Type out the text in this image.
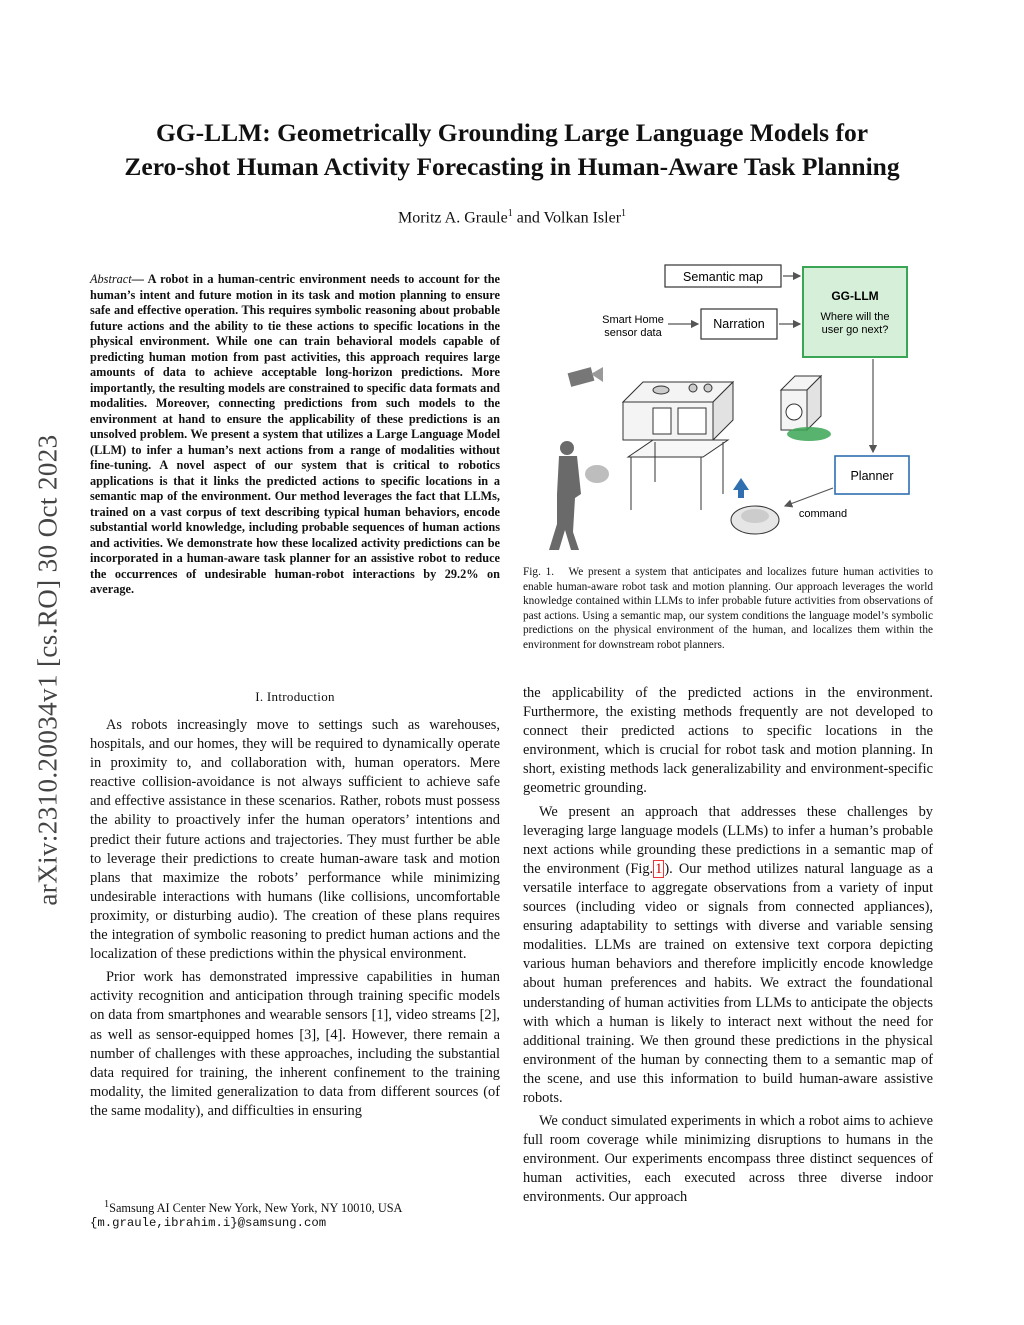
GG-LLM: Geometrically Grounding Large Language Models for
Zero-shot Human Activity Forecasting in Human-Aware Task Planning
Moritz A. Graule$^1$ and Volkan Isler$^1$
arXiv:2310.20034v1 [cs.RO] 30 Oct 2023
Abstract— A robot in a human-centric environment needs to account for the human’s intent and future motion in its task and motion planning to ensure safe and effective operation. This requires symbolic reasoning about probable future actions and the ability to tie these actions to specific locations in the physical environment. While one can train behavioral models capable of predicting human motion from past activities, this approach requires large amounts of data to achieve acceptable long-horizon predictions. More importantly, the resulting models are constrained to specific data formats and modalities. Moreover, connecting predictions from such models to the environment at hand to ensure the applicability of these predictions is an unsolved problem. We present a system that utilizes a Large Language Model (LLM) to infer a human’s next actions from a range of modalities without fine-tuning. A novel aspect of our system that is critical to robotics applications is that it links the predicted actions to specific locations in a semantic map of the environment. Our method leverages the fact that LLMs, trained on a vast corpus of text describing typical human behaviors, encode substantial world knowledge, including probable sequences of human actions and activities. We demonstrate how these localized activity predictions can be incorporated in a human-aware task planner for an assistive robot to reduce the occurrences of undesirable human-robot interactions by 29.2% on average.
I. Introduction

As robots increasingly move to settings such as warehouses, hospitals, and our homes, they will be required to dynamically operate in proximity to, and collaboration with, human operators. Mere reactive collision-avoidance is not always sufficient to achieve safe and effective assistance in these scenarios. Rather, robots must possess the ability to proactively infer the human operators’ intentions and predict their future actions and trajectories. They must further be able to leverage their predictions to create human-aware task and motion plans that maximize the robots’ performance while minimizing undesirable interactions with humans (like collisions, uncomfortable proximity, or disturbing audio). The creation of these plans requires the integration of symbolic reasoning to predict human actions and the localization of these predictions within the physical environment.

Prior work has demonstrated impressive capabilities in human activity recognition and anticipation through training specific models on data from smartphones and wearable sensors [1], video streams [2], as well as sensor-equipped homes [3], [4]. However, there remain a number of challenges with these approaches, including the substantial data required for training, the inherent confinement to the training modality, the limited generalization to data from different sources (of the same modality), and difficulties in ensuring

$^1$Samsung AI Center New York, New York, NY 10010, USA
{m.graule,ibrahim.i}@samsung.com
Semantic map
Smart Home
sensor data
Narration
GG-LLM
Where will the
user go next?
Planner
command
Fig. 1. We present a system that anticipates and localizes future human activities to enable human-aware robot task and motion planning. Our approach leverages the world knowledge contained within LLMs to infer probable future activities from observations of past actions. Using a semantic map, our system conditions the language model’s symbolic predictions on the physical environment of the human, and localizes them within the environment for downstream robot planners.

the applicability of the predicted actions in the environment. Furthermore, the existing methods frequently are not developed to connect their predicted actions to specific locations in the environment, which is crucial for robot task and motion planning. In short, existing methods lack generalizability and environment-specific geometric grounding.

We present an approach that addresses these challenges by leveraging large language models (LLMs) to infer a human’s probable next actions while grounding these predictions in a semantic map of the environment (Fig. 1 ). Our method utilizes natural language as a versatile interface to aggregate observations from a variety of input sources (including video or signals from connected appliances), ensuring adaptability to settings with diverse and variable sensing modalities. LLMs are trained on extensive text corpora depicting various human behaviors and therefore implicitly encode knowledge about human preferences and habits. We extract the foundational understanding of human activities from LLMs to anticipate the objects with which a human is likely to interact next without the need for additional training. We then ground these predictions in the physical environment of the human by connecting them to a semantic map of the scene, and use this information to build human-aware assistive robots.

We conduct simulated experiments in which a robot aims to achieve full room coverage while minimizing disruptions to humans in the environment. Our experiments encompass three distinct sequences of human activities, each executed across three diverse indoor environments. Our approach
